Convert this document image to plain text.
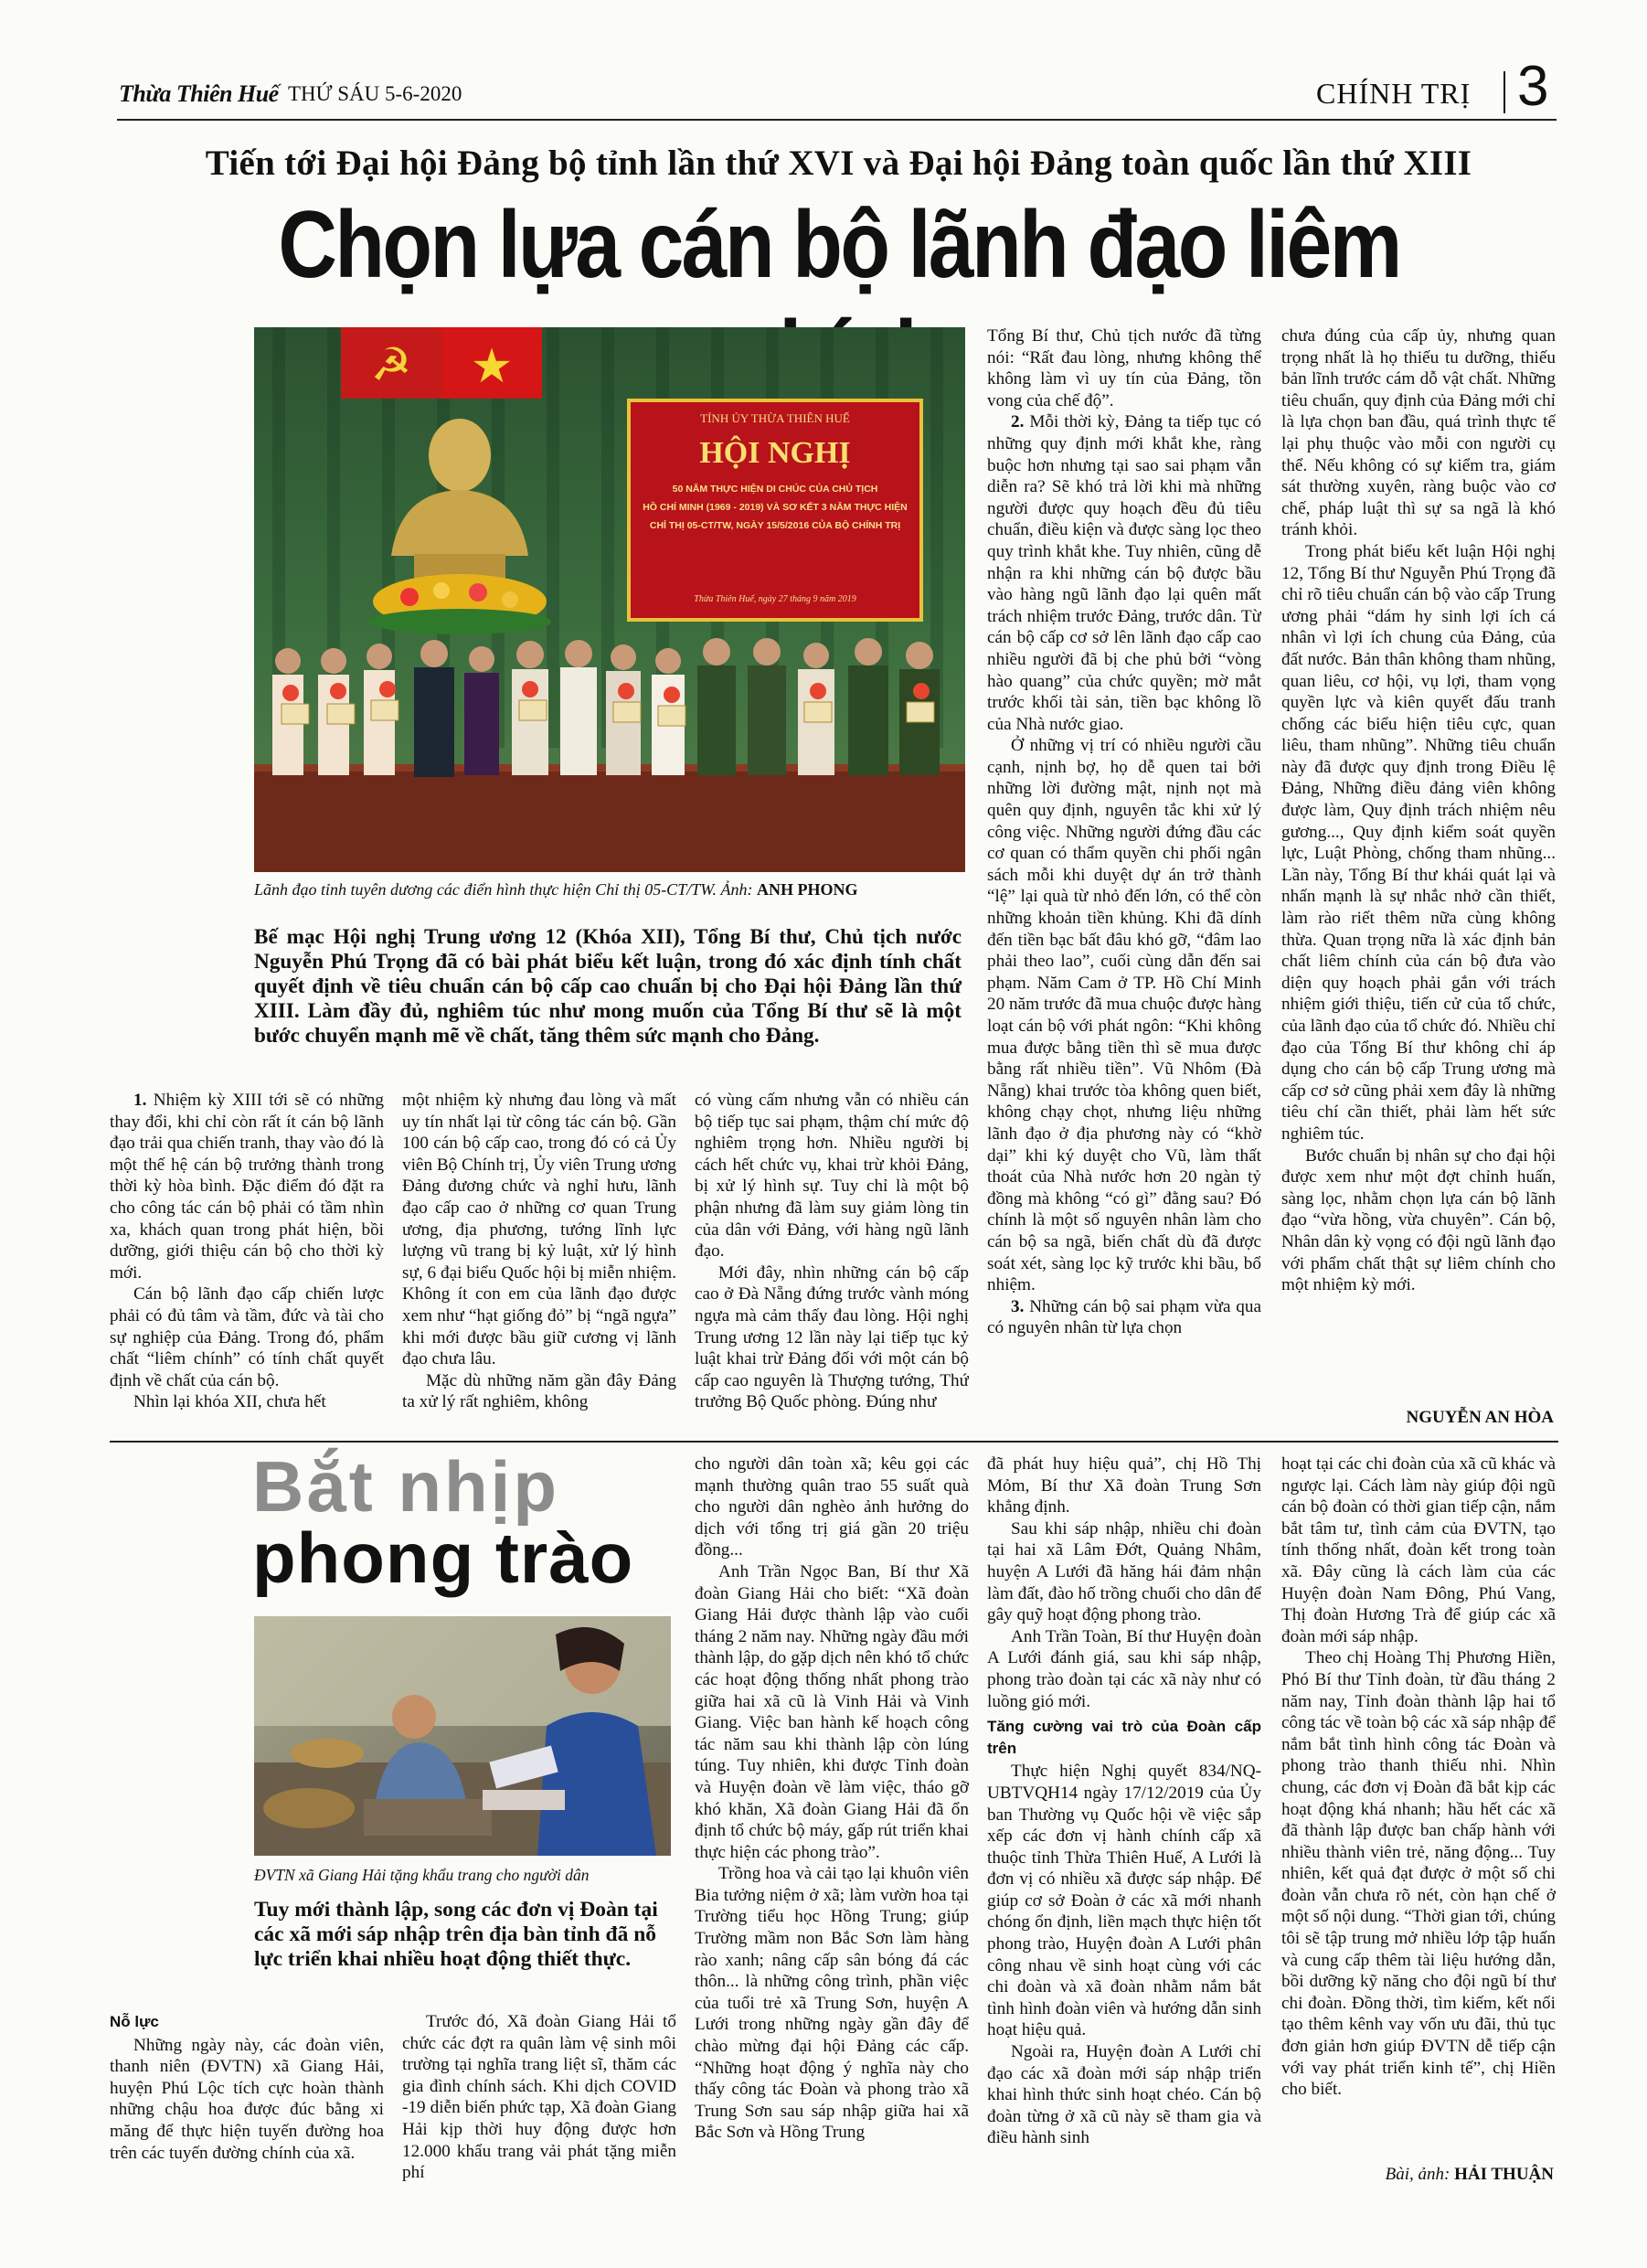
Thừa Thiên Huế THỨ SÁU 5-6-2020	CHÍNH TRỊ 3
Tiến tới Đại hội Đảng bộ tỉnh lần thứ XVI và Đại hội Đảng toàn quốc lần thứ XIII
Chọn lựa cán bộ lãnh đạo liêm
☭ ★
TỈNH ỦY THỪA THIÊN HUẾ
HỘI NGHỊ
50 NĂM THỰC HIỆN DI CHÚC CỦA CHỦ TỊCH
HỒ CHÍ MINH (1969 - 2019) VÀ SƠ KẾT 3 NĂM THỰC HIỆN
CHỈ THỊ 05-CT/TW, NGÀY 15/5/2016 CỦA BỘ CHÍNH TRỊ
Thừa Thiên Huế, ngày 27 tháng 9 năm 2019
Lãnh đạo tỉnh tuyên dương các điển hình thực hiện Chỉ thị 05-CT/TW. Ảnh: ANH PHONG
Bế mạc Hội nghị Trung ương 12 (Khóa XII), Tổng Bí thư, Chủ tịch nước Nguyễn Phú Trọng đã có bài phát biểu kết luận, trong đó xác định tính chất quyết định về tiêu chuẩn cán bộ cấp cao chuẩn bị cho Đại hội Đảng lần thứ XIII. Làm đầy đủ, nghiêm túc như mong muốn của Tổng Bí thư sẽ là một bước chuyển mạnh mẽ về chất, tăng thêm sức mạnh cho Đảng.

1. Nhiệm kỳ XIII tới sẽ có những thay đổi, khi chỉ còn rất ít cán bộ lãnh đạo trải qua chiến tranh, thay vào đó là một thế hệ cán bộ trưởng thành trong thời kỳ hòa bình. Đặc điểm đó đặt ra cho công tác cán bộ phải có tầm nhìn xa, khách quan trong phát hiện, bồi dưỡng, giới thiệu cán bộ cho thời kỳ mới.

Cán bộ lãnh đạo cấp chiến lược phải có đủ tâm và tầm, đức và tài cho sự nghiệp của Đảng. Trong đó, phẩm chất “liêm chính” có tính chất quyết định về chất của cán bộ.

Nhìn lại khóa XII, chưa hết

một nhiệm kỳ nhưng đau lòng và mất uy tín nhất lại từ công tác cán bộ. Gần 100 cán bộ cấp cao, trong đó có cả Ủy viên Bộ Chính trị, Ủy viên Trung ương Đảng đương chức và nghỉ hưu, lãnh đạo cấp cao ở những cơ quan Trung ương, địa phương, tướng lĩnh lực lượng vũ trang bị kỷ luật, xử lý hình sự, 6 đại biểu Quốc hội bị miễn nhiệm. Không ít con em của lãnh đạo được xem như “hạt giống đỏ” bị “ngã ngựa” khi mới được bầu giữ cương vị lãnh đạo chưa lâu.

Mặc dù những năm gần đây Đảng ta xử lý rất nghiêm, không

có vùng cấm nhưng vẫn có nhiều cán bộ tiếp tục sai phạm, thậm chí mức độ nghiêm trọng hơn. Nhiều người bị cách hết chức vụ, khai trừ khỏi Đảng, bị xử lý hình sự. Tuy chỉ là một bộ phận nhưng đã làm suy giảm lòng tin của dân với Đảng, với hàng ngũ lãnh đạo.

Mới đây, nhìn những cán bộ cấp cao ở Đà Nẵng đứng trước vành móng ngựa mà cảm thấy đau lòng. Hội nghị Trung ương 12 lần này lại tiếp tục kỷ luật khai trừ Đảng đối với một cán bộ cấp cao nguyên là Thượng tướng, Thứ trưởng Bộ Quốc phòng. Đúng như

Tổng Bí thư, Chủ tịch nước đã từng nói: “Rất đau lòng, nhưng không thể không làm vì uy tín của Đảng, tồn vong của chế độ”.

2. Mỗi thời kỳ, Đảng ta tiếp tục có những quy định mới khắt khe, ràng buộc hơn nhưng tại sao sai phạm vẫn diễn ra? Sẽ khó trả lời khi mà những người được quy hoạch đều đủ tiêu chuẩn, điều kiện và được sàng lọc theo quy trình khắt khe. Tuy nhiên, cũng dễ nhận ra khi những cán bộ được bầu vào hàng ngũ lãnh đạo lại quên mất trách nhiệm trước Đảng, trước dân. Từ cán bộ cấp cơ sở lên lãnh đạo cấp cao nhiều người đã bị che phủ bởi “vòng hào quang” của chức quyền; mờ mắt trước khối tài sản, tiền bạc không lồ của Nhà nước giao.

Ở những vị trí có nhiều người cầu cạnh, nịnh bợ, họ dễ quen tai bởi những lời đường mật, nịnh nọt mà quên quy định, nguyên tắc khi xử lý công việc. Những người đứng đầu các cơ quan có thẩm quyền chi phối ngân sách mỗi khi duyệt dự án trở thành “lệ” lại quà từ nhỏ đến lớn, có thể còn những khoản tiền khủng. Khi đã dính đến tiền bạc bất đâu khó gỡ, “đâm lao phải theo lao”, cuối cùng dẫn đến sai phạm. Năm Cam ở TP. Hồ Chí Minh 20 năm trước đã mua chuộc được hàng loạt cán bộ với phát ngôn: “Khi không mua được bằng tiền thì sẽ mua được bằng rất nhiều tiền”. Vũ Nhôm (Đà Nẵng) khai trước tòa không quen biết, không chạy chọt, nhưng liệu những lãnh đạo ở địa phương này có “khờ dại” khi ký duyệt cho Vũ, làm thất thoát của Nhà nước hơn 20 ngàn tỷ đồng mà không “có gì” đằng sau? Đó chính là một số nguyên nhân làm cho cán bộ sa ngã, biến chất dù đã được soát xét, sàng lọc kỹ trước khi bầu, bổ nhiệm.

3. Những cán bộ sai phạm vừa qua có nguyên nhân từ lựa chọn

chưa đúng của cấp ủy, nhưng quan trọng nhất là họ thiếu tu dưỡng, thiếu bản lĩnh trước cám dỗ vật chất. Những tiêu chuẩn, quy định của Đảng mới chỉ là lựa chọn ban đầu, quá trình thực tế lại phụ thuộc vào mỗi con người cụ thể. Nếu không có sự kiểm tra, giám sát thường xuyên, ràng buộc vào cơ chế, pháp luật thì sự sa ngã là khó tránh khỏi.

Trong phát biểu kết luận Hội nghị 12, Tổng Bí thư Nguyễn Phú Trọng đã chỉ rõ tiêu chuẩn cán bộ vào cấp Trung ương phải “dám hy sinh lợi ích cá nhân vì lợi ích chung của Đảng, của đất nước. Bản thân không tham nhũng, quan liêu, cơ hội, vụ lợi, tham vọng quyền lực và kiên quyết đấu tranh chống các biểu hiện tiêu cực, quan liêu, tham nhũng”. Những tiêu chuẩn này đã được quy định trong Điều lệ Đảng, Những điều đảng viên không được làm, Quy định trách nhiệm nêu gương..., Quy định kiểm soát quyền lực, Luật Phòng, chống tham nhũng... Lần này, Tổng Bí thư khái quát lại và nhấn mạnh là sự nhắc nhở cần thiết, làm rào riết thêm nữa cùng không thừa. Quan trọng nữa là xác định bản chất liêm chính của cán bộ đưa vào diện quy hoạch phải gắn với trách nhiệm giới thiệu, tiến cử của tổ chức, của lãnh đạo của tổ chức đó. Nhiều chỉ đạo của Tổng Bí thư không chỉ áp dụng cho cán bộ cấp Trung ương mà cấp cơ sở cũng phải xem đây là những tiêu chí cần thiết, phải làm hết sức nghiêm túc.

Bước chuẩn bị nhân sự cho đại hội được xem như một đợt chỉnh huấn, sàng lọc, nhằm chọn lựa cán bộ lãnh đạo “vừa hồng, vừa chuyên”. Cán bộ, Nhân dân kỳ vọng có đội ngũ lãnh đạo với phẩm chất thật sự liêm chính cho một nhiệm kỳ mới.

NGUYỄN AN HÒA
Bắt nhịp
phong trào
ĐVTN xã Giang Hải tặng khẩu trang cho người dân
Tuy mới thành lập, song các đơn vị Đoàn tại các xã mới sáp nhập trên địa bàn tỉnh đã nỗ lực triển khai nhiều hoạt động thiết thực.
Nỗ lực

Những ngày này, các đoàn viên, thanh niên (ĐVTN) xã Giang Hải, huyện Phú Lộc tích cực hoàn thành những chậu hoa được đúc bằng xi măng để thực hiện tuyến đường hoa trên các tuyến đường chính của xã.

Trước đó, Xã đoàn Giang Hải tổ chức các đợt ra quân làm vệ sinh môi trường tại nghĩa trang liệt sĩ, thăm các gia đình chính sách. Khi dịch COVID -19 diễn biến phức tạp, Xã đoàn Giang Hải kịp thời huy động được hơn 12.000 khẩu trang vải phát tặng miễn phí

cho người dân toàn xã; kêu gọi các mạnh thường quân trao 55 suất quà cho người dân nghèo ảnh hưởng do dịch với tổng trị giá gần 20 triệu đồng...

Anh Trần Ngọc Ban, Bí thư Xã đoàn Giang Hải cho biết: “Xã đoàn Giang Hải được thành lập vào cuối tháng 2 năm nay. Những ngày đầu mới thành lập, do gặp dịch nên khó tổ chức các hoạt động thống nhất phong trào giữa hai xã cũ là Vinh Hải và Vinh Giang. Việc ban hành kế hoạch công tác năm sau khi thành lập còn lúng túng. Tuy nhiên, khi được Tỉnh đoàn và Huyện đoàn về làm việc, tháo gỡ khó khăn, Xã đoàn Giang Hải đã ổn định tổ chức bộ máy, gấp rút triển khai thực hiện các phong trào”.

Trồng hoa và cải tạo lại khuôn viên Bia tưởng niệm ở xã; làm vườn hoa tại Trường tiểu học Hồng Trung; giúp Trường mầm non Bắc Sơn làm hàng rào xanh; nâng cấp sân bóng đá các thôn... là những công trình, phần việc của tuổi trẻ xã Trung Sơn, huyện A Lưới trong những ngày gần đây để chào mừng đại hội Đảng các cấp. “Những hoạt động ý nghĩa này cho thấy công tác Đoàn và phong trào xã Trung Sơn sau sáp nhập giữa hai xã Bắc Sơn và Hồng Trung

đã phát huy hiệu quả”, chị Hồ Thị Mỏm, Bí thư Xã đoàn Trung Sơn khẳng định.

Sau khi sáp nhập, nhiều chi đoàn tại hai xã Lâm Đớt, Quảng Nhâm, huyện A Lưới đã hăng hái đảm nhận làm đất, đào hố trồng chuối cho dân để gây quỹ hoạt động phong trào.

Anh Trần Toàn, Bí thư Huyện đoàn A Lưới đánh giá, sau khi sáp nhập, phong trào đoàn tại các xã này như có luồng gió mới.

Tăng cường vai trò của Đoàn cấp trên

Thực hiện Nghị quyết 834/NQ-UBTVQH14 ngày 17/12/2019 của Ủy ban Thường vụ Quốc hội về việc sắp xếp các đơn vị hành chính cấp xã thuộc tỉnh Thừa Thiên Huế, A Lưới là đơn vị có nhiều xã được sáp nhập. Để giúp cơ sở Đoàn ở các xã mới nhanh chóng ổn định, liền mạch thực hiện tốt phong trào, Huyện đoàn A Lưới phân công nhau về sinh hoạt cùng với các chi đoàn và xã đoàn nhằm nắm bắt tình hình đoàn viên và hướng dẫn sinh hoạt hiệu quả.

Ngoài ra, Huyện đoàn A Lưới chỉ đạo các xã đoàn mới sáp nhập triển khai hình thức sinh hoạt chéo. Cán bộ đoàn từng ở xã cũ này sẽ tham gia và điều hành sinh

hoạt tại các chi đoàn của xã cũ khác và ngược lại. Cách làm này giúp đội ngũ cán bộ đoàn có thời gian tiếp cận, nắm bắt tâm tư, tình cảm của ĐVTN, tạo tính thống nhất, đoàn kết trong toàn xã. Đây cũng là cách làm của các Huyện đoàn Nam Đông, Phú Vang, Thị đoàn Hương Trà để giúp các xã đoàn mới sáp nhập.

Theo chị Hoàng Thị Phương Hiền, Phó Bí thư Tỉnh đoàn, từ đầu tháng 2 năm nay, Tỉnh đoàn thành lập hai tổ công tác về toàn bộ các xã sáp nhập để nắm bắt tình hình công tác Đoàn và phong trào thanh thiếu nhi. Nhìn chung, các đơn vị Đoàn đã bắt kịp các hoạt động khá nhanh; hầu hết các xã đã thành lập được ban chấp hành với nhiều thành viên trẻ, năng động... Tuy nhiên, kết quả đạt được ở một số chi đoàn vẫn chưa rõ nét, còn hạn chế ở một số nội dung. “Thời gian tới, chúng tôi sẽ tập trung mở nhiều lớp tập huấn và cung cấp thêm tài liệu hướng dẫn, bồi dưỡng kỹ năng cho đội ngũ bí thư chi đoàn. Đồng thời, tìm kiếm, kết nối tạo thêm kênh vay vốn ưu đãi, thủ tục đơn giản hơn giúp ĐVTN dễ tiếp cận với vay phát triển kinh tế”, chị Hiền cho biết.

Bài, ảnh: HẢI THUẬN
